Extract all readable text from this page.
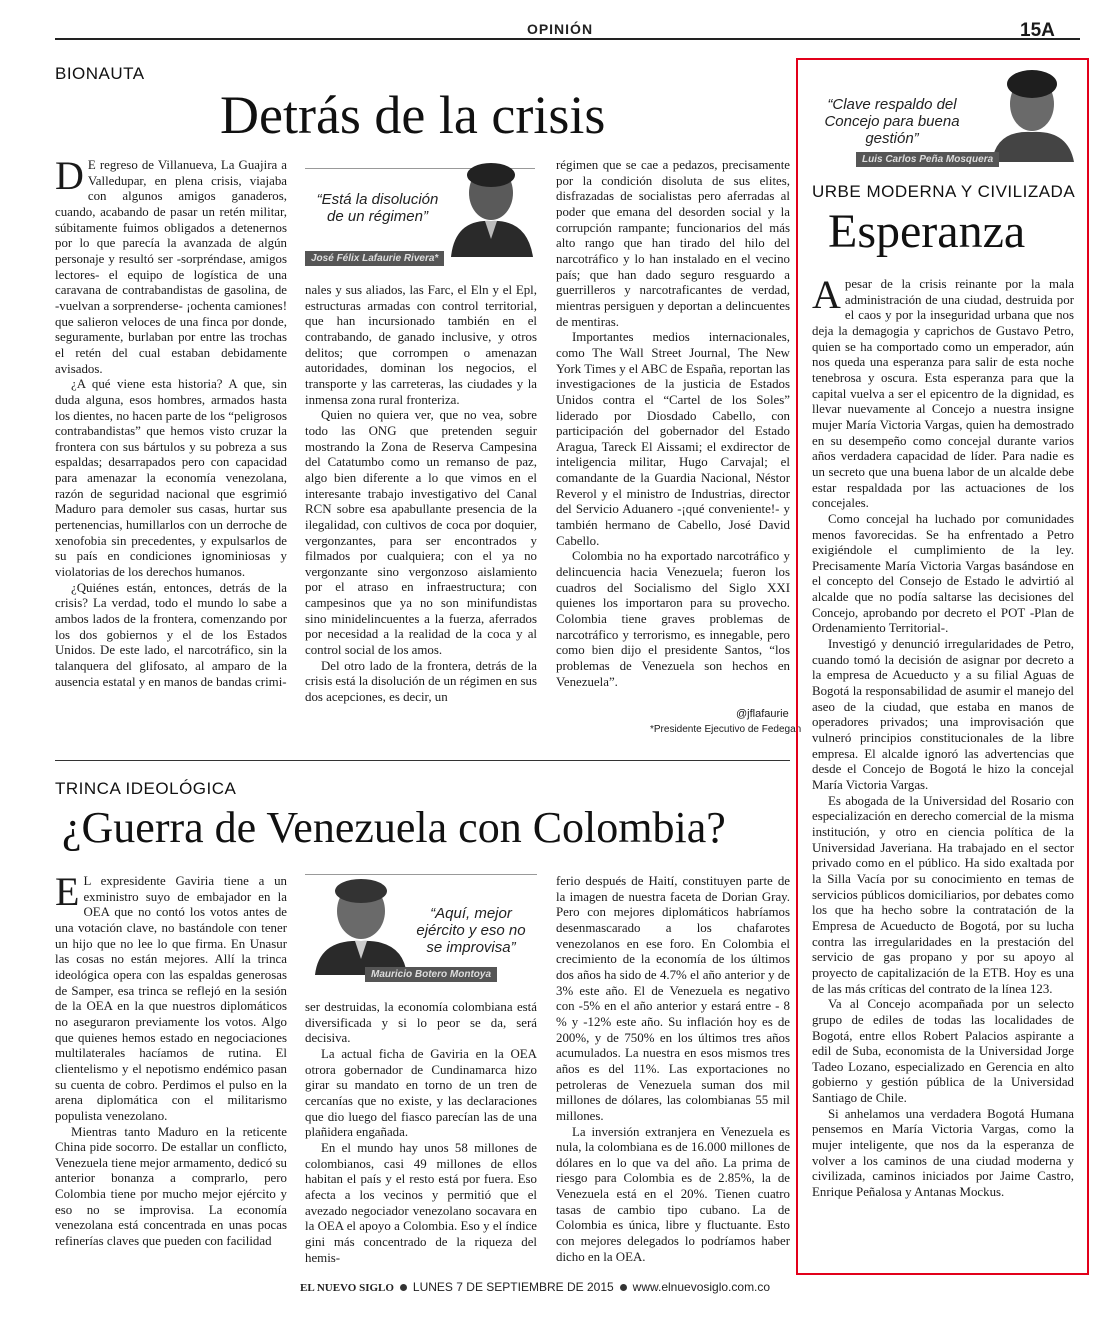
OPINIÓN	15A
BIONAUTA
Detrás de la crisis
D E regreso de Villanueva, La Guajira a Valledupar, en plena crisis, viajaba con algunos amigos ganaderos, cuando, acabando de pasar un retén militar, súbitamente fuimos obligados a detenernos por lo que parecía la avanzada de algún personaje y resultó ser -sorpréndase, amigos lectores- el equipo de logística de una caravana de contrabandistas de gasolina, de -vuelvan a sorprenderse- ¡ochenta camiones! que salieron veloces de una finca por donde, seguramente, burlaban por entre las trochas el retén del cual estaban debidamente avisados.

¿A qué viene esta historia? A que, sin duda alguna, esos hombres, armados hasta los dientes, no hacen parte de los “peligrosos contrabandistas” que hemos visto cruzar la frontera con sus bártulos y su pobreza a sus espaldas; desarrapados pero con capacidad para amenazar la economía venezolana, razón de seguridad nacional que esgrimió Maduro para demoler sus casas, hurtar sus pertenencias, humillarlos con un derroche de xenofobia sin precedentes, y expulsarlos de su país en condiciones ignominiosas y violatorias de los derechos humanos.

¿Quiénes están, entonces, detrás de la crisis? La verdad, todo el mundo lo sabe a ambos lados de la frontera, comenzando por los dos gobiernos y el de los Estados Unidos. De este lado, el narcotráfico, sin la talanquera del glifosato, al amparo de la ausencia estatal y en manos de bandas crimi-

“Está la disolución de un régimen”
José Félix Lafaurie Rivera*

nales y sus aliados, las Farc, el Eln y el Epl, estructuras armadas con control territorial, que han incursionado también en el contrabando, de ganado inclusive, y otros delitos; que corrompen o amenazan autoridades, dominan los negocios, el transporte y las carreteras, las ciudades y la inmensa zona rural fronteriza.

Quien no quiera ver, que no vea, sobre todo las ONG que pretenden seguir mostrando la Zona de Reserva Campesina del Catatumbo como un remanso de paz, algo bien diferente a lo que vimos en el interesante trabajo investigativo del Canal RCN sobre esa apabullante presencia de la ilegalidad, con cultivos de coca por doquier, vergonzantes, para ser encontrados y filmados por cualquiera; con el ya no vergonzante sino vergonzoso aislamiento por el atraso en infraestructura; con campesinos que ya no son minifundistas sino minidelincuentes a la fuerza, aferrados por necesidad a la realidad de la coca y al control social de los amos.

Del otro lado de la frontera, detrás de la crisis está la disolución de un régimen en sus dos acepciones, es decir, un

régimen que se cae a pedazos, precisamente por la condición disoluta de sus elites, disfrazadas de socialistas pero aferradas al poder que emana del desorden social y la corrupción rampante; funcionarios del más alto rango que han tirado del hilo del narcotráfico y lo han instalado en el vecino país; que han dado seguro resguardo a guerrilleros y narcotraficantes de verdad, mientras persiguen y deportan a delincuentes de mentiras.

Importantes medios internacionales, como The Wall Street Journal, The New York Times y el ABC de España, reportan las investigaciones de la justicia de Estados Unidos contra el “Cartel de los Soles” liderado por Diosdado Cabello, con participación del gobernador del Estado Aragua, Tareck El Aissami; el exdirector de inteligencia militar, Hugo Carvajal; el comandante de la Guardia Nacional, Néstor Reverol y el ministro de Industrias, director del Servicio Aduanero -¡qué conveniente!- y también hermano de Cabello, José David Cabello.

Colombia no ha exportado narcotráfico y delincuencia hacia Venezuela; fueron los cuadros del Socialismo del Siglo XXI quienes los importaron para su provecho. Colombia tiene graves problemas de narcotráfico y terrorismo, es innegable, pero como bien dijo el presidente Santos, “los problemas de Venezuela son hechos en Venezuela”.

@jflafaurie
*Presidente Ejecutivo de Fedegan
TRINCA IDEOLÓGICA
¿Guerra de Venezuela con Colombia?
E L expresidente Gaviria tiene a un exministro suyo de embajador en la OEA que no contó los votos antes de una votación clave, no bastándole con tener un hijo que no lee lo que firma. En Unasur las cosas no están mejores. Allí la trinca ideológica opera con las espaldas generosas de Samper, esa trinca se reflejó en la sesión de la OEA en la que nuestros diplomáticos no aseguraron previamente los votos. Algo que quienes hemos estado en negociaciones multilaterales hacíamos de rutina. El clientelismo y el nepotismo endémico pasan su cuenta de cobro. Perdimos el pulso en la arena diplomática con el militarismo populista venezolano.

Mientras tanto Maduro en la reticente China pide socorro. De estallar un conflicto, Venezuela tiene mejor armamento, dedicó su anterior bonanza a comprarlo, pero Colombia tiene por mucho mejor ejército y eso no se improvisa. La economía venezolana está concentrada en unas pocas refinerías claves que pueden con facilidad

“Aquí, mejor ejército y eso no se improvisa”
Mauricio Botero Montoya

ser destruidas, la economía colombiana está diversificada y si lo peor se da, será decisiva.

La actual ficha de Gaviria en la OEA otrora gobernador de Cundinamarca hizo girar su mandato en torno de un tren de cercanías que no existe, y las declaraciones que dio luego del fiasco parecían las de una plañidera engañada.

En el mundo hay unos 58 millones de colombianos, casi 49 millones de ellos habitan el país y el resto está por fuera. Eso afecta a los vecinos y permitió que el avezado negociador venezolano socavara en la OEA el apoyo a Colombia. Eso y el índice gini más concentrado de la riqueza del hemis-

ferio después de Haití, constituyen parte de la imagen de nuestra faceta de Dorian Gray. Pero con mejores diplomáticos habríamos desenmascarado a los chafarotes venezolanos en ese foro. En Colombia el crecimiento de la economía de los últimos dos años ha sido de 4.7% el año anterior y de 3% este año. El de Venezuela es negativo con -5% en el año anterior y estará entre - 8 % y -12% este año. Su inflación hoy es de 200%, y de 750% en los últimos tres años acumulados. La nuestra en esos mismos tres años es del 11%. Las exportaciones no petroleras de Venezuela suman dos mil millones de dólares, las colombianas 55 mil millones.

La inversión extranjera en Venezuela es nula, la colombiana es de 16.000 millones de dólares en lo que va del año. La prima de riesgo para Colombia es de 2.85%, la de Venezuela está en el 20%. Tienen cuatro tasas de cambio tipo cubano. La de Colombia es única, libre y fluctuante. Esto con mejores delegados lo podríamos haber dicho en la OEA.

“Clave respaldo del Concejo para buena gestión”
Luis Carlos Peña Mosquera
URBE MODERNA Y CIVILIZADA
Esperanza
A pesar de la crisis reinante por la mala administración de una ciudad, destruida por el caos y por la inseguridad urbana que nos deja la demagogia y caprichos de Gustavo Petro, quien se ha comportado como un emperador, aún nos queda una esperanza para salir de esta noche tenebrosa y oscura. Esta esperanza para que la capital vuelva a ser el epicentro de la dignidad, es llevar nuevamente al Concejo a nuestra insigne mujer María Victoria Vargas, quien ha demostrado en su desempeño como concejal durante varios años verdadera capacidad de líder. Para nadie es un secreto que una buena labor de un alcalde debe estar respaldada por las actuaciones de los concejales.

Como concejal ha luchado por comunidades menos favorecidas. Se ha enfrentado a Petro exigiéndole el cumplimiento de la ley. Precisamente María Victoria Vargas basándose en el concepto del Consejo de Estado le advirtió al alcalde que no podía saltarse las decisiones del Concejo, aprobando por decreto el POT -Plan de Ordenamiento Territorial-.

Investigó y denunció irregularidades de Petro, cuando tomó la decisión de asignar por decreto a la empresa de Acueducto y a su filial Aguas de Bogotá la responsabilidad de asumir el manejo del aseo de la ciudad, que estaba en manos de operadores privados; una improvisación que vulneró principios constitucionales de la libre empresa. El alcalde ignoró las advertencias que desde el Concejo de Bogotá le hizo la concejal María Victoria Vargas.

Es abogada de la Universidad del Rosario con especialización en derecho comercial de la misma institución, y otro en ciencia política de la Universidad Javeriana. Ha trabajado en el sector privado como en el público. Ha sido exaltada por la Silla Vacía por su conocimiento en temas de servicios públicos domiciliarios, por debates como los que ha hecho sobre la contratación de la Empresa de Acueducto de Bogotá, por su lucha contra las irregularidades en la prestación del servicio de gas propano y por su apoyo al proyecto de capitalización de la ETB. Hoy es una de las más críticas del contrato de la línea 123.

Va al Concejo acompañada por un selecto grupo de ediles de todas las localidades de Bogotá, entre ellos Robert Palacios aspirante a edil de Suba, economista de la Universidad Jorge Tadeo Lozano, especializado en Gerencia en alto gobierno y gestión pública de la Universidad Santiago de Chile.

Si anhelamos una verdadera Bogotá Humana pensemos en María Victoria Vargas, como la mujer inteligente, que nos da la esperanza de volver a los caminos de una ciudad moderna y civilizada, caminos iniciados por Jaime Castro, Enrique Peñalosa y Antanas Mockus.

EL NUEVO SIGLO LUNES 7 DE SEPTIEMBRE DE 2015 www.elnuevosiglo.com.co
